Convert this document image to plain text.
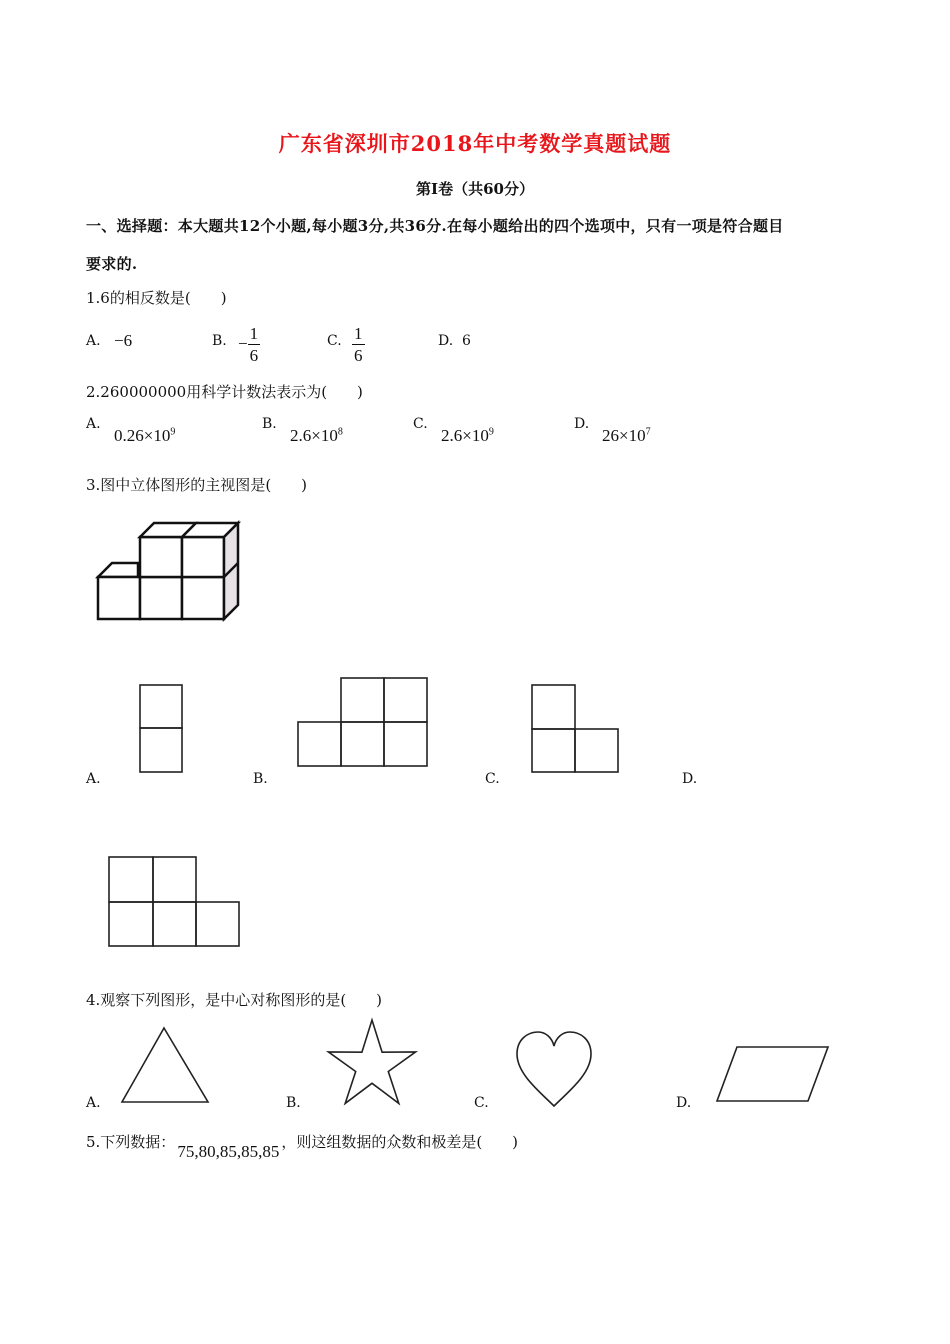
广东省深圳市2018年中考数学真题试题
第Ⅰ卷（共60分）
一、选择题：本大题共12个小题,每小题3分,共36分.在每小题给出的四个选项中，只有一项是符合题目
要求的.
1.6的相反数是(　　)
A. −6	B. − $\frac{1}{6}$	C. $\frac{1}{6}$	D. 6
2.260000000用科学计数法表示为(　　)
A.
$0.26\times 10^9$	B.
$2.6\times 10^8$	C.
$2.6\times 10^9$	D.
$26\times 10^7$
3.图中立体图形的主视图是(　　)
A.	B.	C.	D.
4.观察下列图形，是中心对称图形的是(　　)
A.	B.	C.	D.
5.下列数据： 75,80,85,85,85 ，则这组数据的众数和极差是(　　)
